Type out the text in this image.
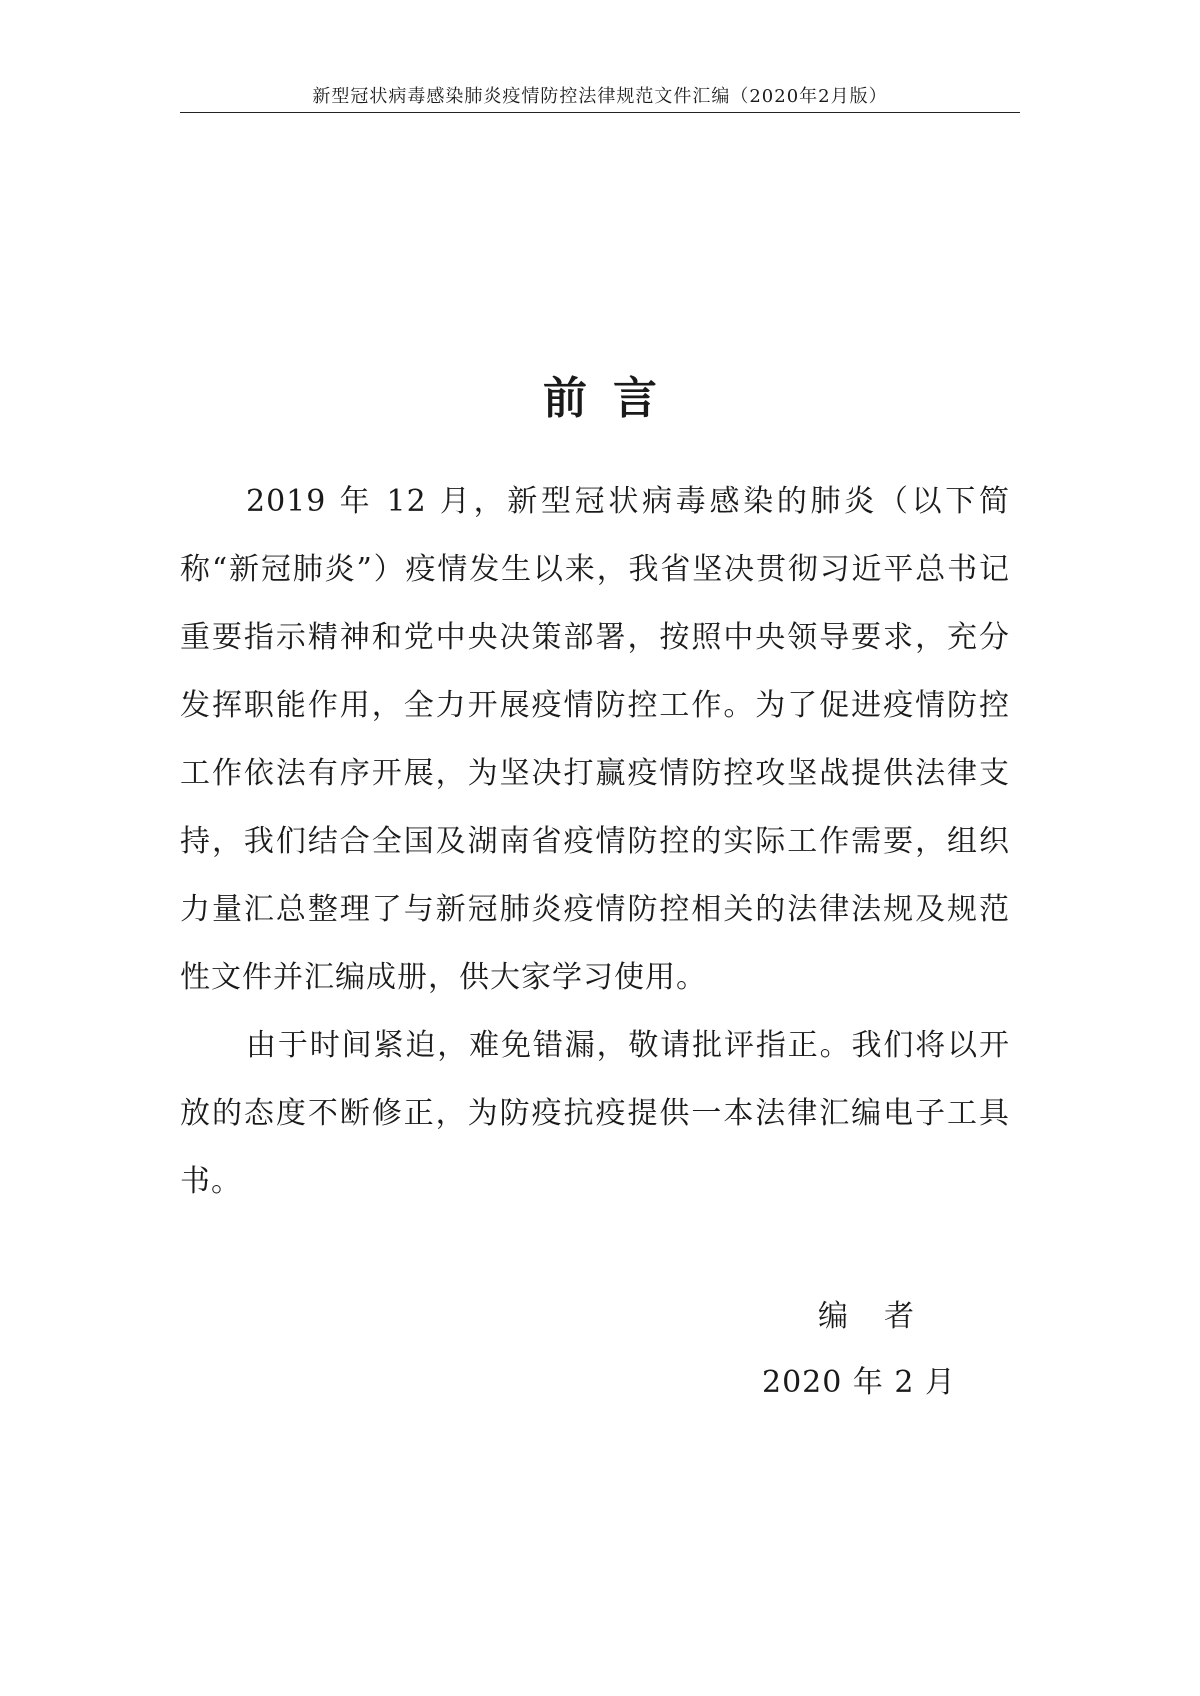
新型冠状病毒感染肺炎疫情防控法律规范文件汇编（2020年2月版）
前言

2019 年 12 月，新型冠状病毒感染的肺炎（以下简称“新冠肺炎”）疫情发生以来，我省坚决贯彻习近平总书记重要指示精神和党中央决策部署，按照中央领导要求，充分发挥职能作用，全力开展疫情防控工作。为了促进疫情防控工作依法有序开展，为坚决打赢疫情防控攻坚战提供法律支持，我们结合全国及湖南省疫情防控的实际工作需要，组织力量汇总整理了与新冠肺炎疫情防控相关的法律法规及规范性文件并汇编成册，供大家学习使用。

由于时间紧迫，难免错漏，敬请批评指正。我们将以开放的态度不断修正，为防疫抗疫提供一本法律汇编电子工具书。

编者
2020 年 2 月
